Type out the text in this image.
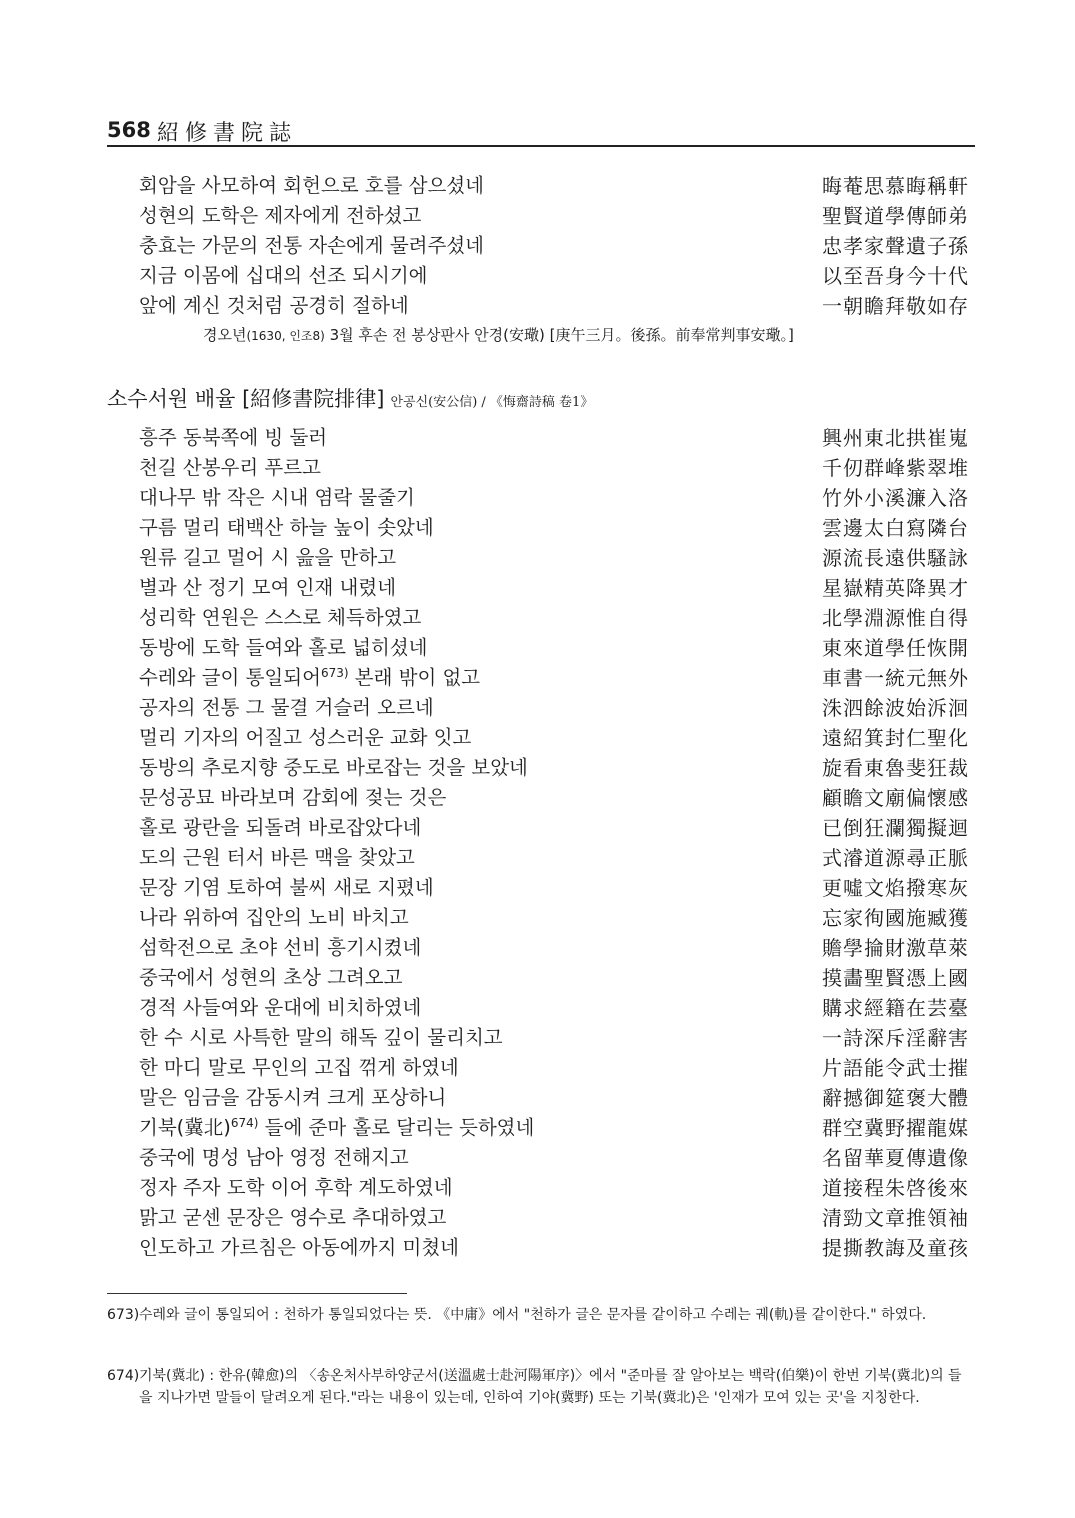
568 紹修書院誌
회암을 사모하여 회헌으로 호를 삼으셨네	晦菴思慕晦稱軒
성현의 도학은 제자에게 전하셨고	聖賢道學傳師弟
충효는 가문의 전통 자손에게 물려주셨네	忠孝家聲遺子孫
지금 이몸에 십대의 선조 되시기에	以至吾身今十代
앞에 계신 것처럼 공경히 절하네	一朝瞻拜敬如存
경오년(1630, 인조8) 3월 후손 전 봉상판사 안경(安璥) [庚午三月。後孫。前奉常判事安璥。]
소수서원 배율 [紹修書院排律] 안공신(安公信) / 《悔齋詩稿 卷1》
흥주 동북쪽에 빙 둘러	興州東北拱崔嵬
천길 산봉우리 푸르고	千仞群峰紫翠堆
대나무 밖 작은 시내 염락 물줄기	竹外小溪濂入洛
구름 멀리 태백산 하늘 높이 솟았네	雲邊太白寫隣台
원류 길고 멀어 시 읊을 만하고	源流長遠供騷詠
별과 산 정기 모여 인재 내렸네	星嶽精英降異才
성리학 연원은 스스로 체득하였고	北學淵源惟自得
동방에 도학 들여와 홀로 넓히셨네	東來道學任恢開
수레와 글이 통일되어$^{673)}$ 본래 밖이 없고	車書一統元無外
공자의 전통 그 물결 거슬러 오르네	洙泗餘波始泝洄
멀리 기자의 어질고 성스러운 교화 잇고	遠紹箕封仁聖化
동방의 추로지향 중도로 바로잡는 것을 보았네	旋看東魯斐狂裁
문성공묘 바라보며 감회에 젖는 것은	顧瞻文廟偏懷感
홀로 광란을 되돌려 바로잡았다네	已倒狂瀾獨擬迴
도의 근원 터서 바른 맥을 찾았고	式濬道源尋正脈
문장 기염 토하여 불씨 새로 지폈네	更噓文焰撥寒灰
나라 위하여 집안의 노비 바치고	忘家徇國施臧獲
섬학전으로 초야 선비 흥기시켰네	贍學掄財激草萊
중국에서 성현의 초상 그려오고	摸畵聖賢憑上國
경적 사들여와 운대에 비치하였네	購求經籍在芸臺
한 수 시로 사특한 말의 해독 깊이 물리치고	一詩深斥淫辭害
한 마디 말로 무인의 고집 꺾게 하였네	片語能令武士摧
말은 임금을 감동시켜 크게 포상하니	辭撼御筵褒大體
기북(冀北)$^{674)}$ 들에 준마 홀로 달리는 듯하였네	群空冀野擢龍媒
중국에 명성 남아 영정 전해지고	名留華夏傳遺像
정자 주자 도학 이어 후학 계도하였네	道接程朱啓後來
맑고 굳센 문장은 영수로 추대하였고	清勁文章推領袖
인도하고 가르침은 아동에까지 미쳤네	提撕教誨及童孩
673) 수레와 글이 통일되어 : 천하가 통일되었다는 뜻. 《中庸》에서 "천하가 글은 문자를 같이하고 수레는 궤(軌)를 같이한다." 하였다.
674) 기북(冀北) : 한유(韓愈)의 〈송온처사부하양군서(送溫處士赴河陽軍序)〉에서 "준마를 잘 알아보는 백락(伯樂)이 한번 기북(冀北)의 들을 지나가면 말들이 달려오게 된다."라는 내용이 있는데, 인하여 기야(冀野) 또는 기북(冀北)은 '인재가 모여 있는 곳'을 지칭한다.
